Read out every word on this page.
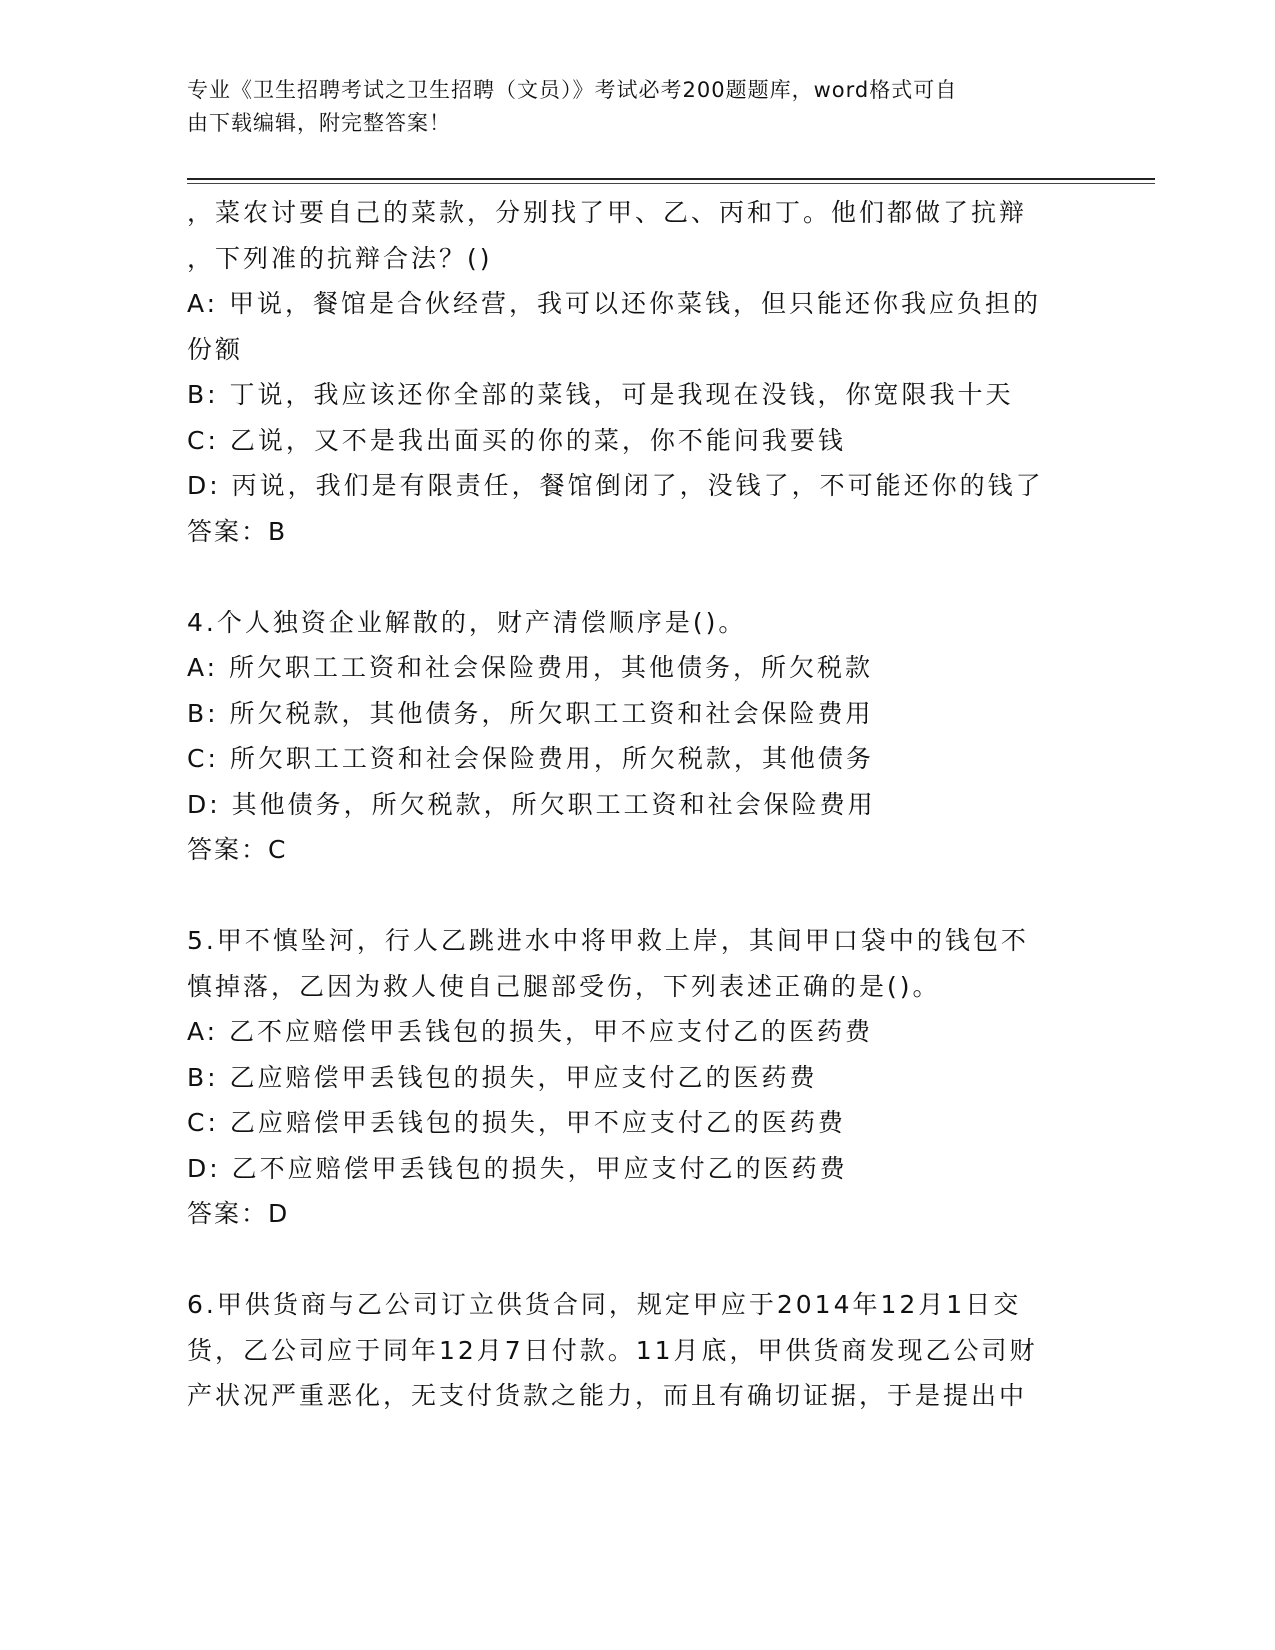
专业《卫生招聘考试之卫生招聘（文员）》考试必考200题题库，word格式可自
由下载编辑，附完整答案！
，菜农讨要自己的菜款，分别找了甲、乙、丙和丁。他们都做了抗辩
，下列准的抗辩合法？()
A: 甲说，餐馆是合伙经营，我可以还你菜钱，但只能还你我应负担的
份额
B: 丁说，我应该还你全部的菜钱，可是我现在没钱，你宽限我十天
C: 乙说，又不是我出面买的你的菜，你不能问我要钱
D: 丙说，我们是有限责任，餐馆倒闭了，没钱了，不可能还你的钱了
答案：B
4.个人独资企业解散的，财产清偿顺序是()。
A: 所欠职工工资和社会保险费用，其他债务，所欠税款
B: 所欠税款，其他债务，所欠职工工资和社会保险费用
C: 所欠职工工资和社会保险费用，所欠税款，其他债务
D: 其他债务，所欠税款，所欠职工工资和社会保险费用
答案：C
5.甲不慎坠河，行人乙跳进水中将甲救上岸，其间甲口袋中的钱包不
慎掉落，乙因为救人使自己腿部受伤，下列表述正确的是()。
A: 乙不应赔偿甲丢钱包的损失，甲不应支付乙的医药费
B: 乙应赔偿甲丢钱包的损失，甲应支付乙的医药费
C: 乙应赔偿甲丢钱包的损失，甲不应支付乙的医药费
D: 乙不应赔偿甲丢钱包的损失，甲应支付乙的医药费
答案：D
6.甲供货商与乙公司订立供货合同，规定甲应于2014年12月1日交
货，乙公司应于同年12月7日付款。11月底，甲供货商发现乙公司财
产状况严重恶化，无支付货款之能力，而且有确切证据，于是提出中
